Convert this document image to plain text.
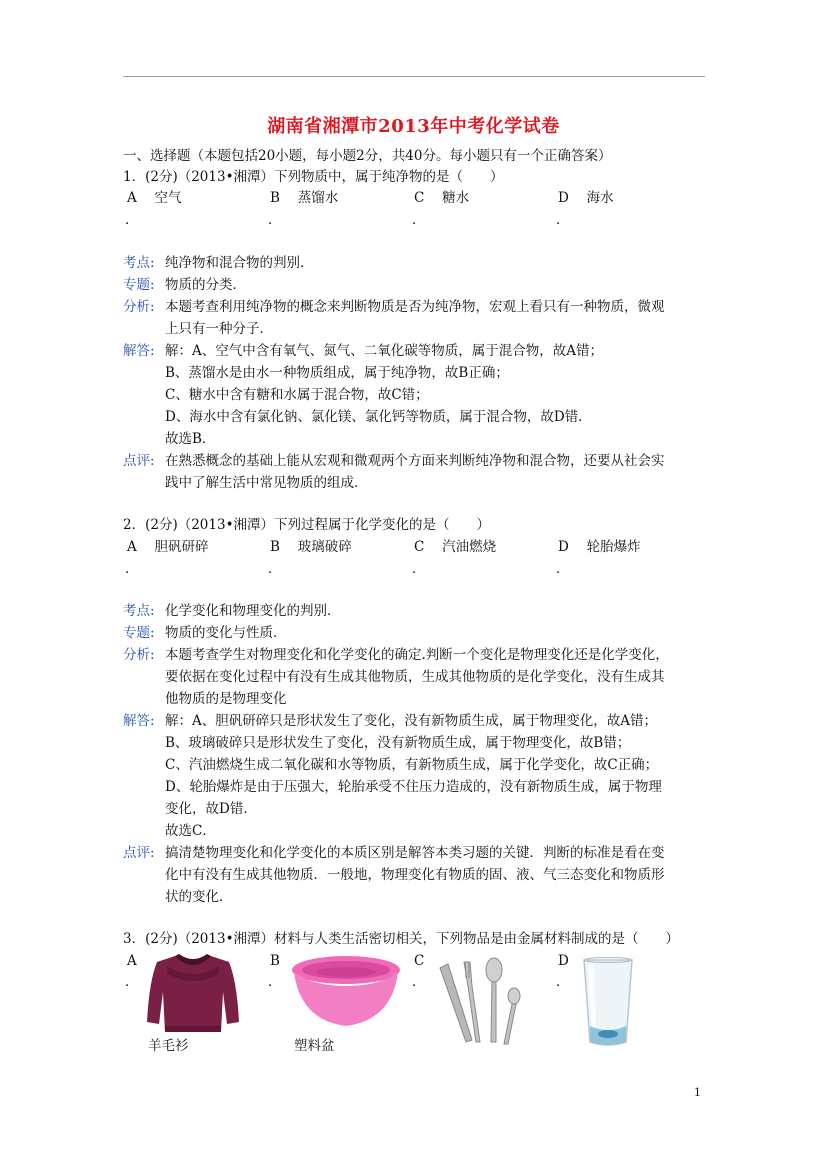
湖南省湘潭市2013年中考化学试卷
一、选择题（本题包括20小题，每小题2分，共40分。每小题只有一个正确答案）
1．(2分)（2013•湘潭）下列物质中，属于纯净物的是（　　）
A　 空气	B　 蒸馏水	C　 糖水	D　 海水
．	．	．	．
考点: 纯净物和混合物的判别．
专题: 物质的分类．
分析: 本题考查利用纯净物的概念来判断物质是否为纯净物，宏观上看只有一种物质，微观
上只有一种分子．
解答: 解：A、空气中含有氧气、氮气、二氧化碳等物质，属于混合物，故A错；
B、蒸馏水是由水一种物质组成，属于纯净物，故B正确；
C、糖水中含有糖和水属于混合物，故C错；
D、海水中含有氯化钠、氯化镁、氯化钙等物质，属于混合物，故D错．
故选B．
点评: 在熟悉概念的基础上能从宏观和微观两个方面来判断纯净物和混合物，还要从社会实
践中了解生活中常见物质的组成．
2．(2分)（2013•湘潭）下列过程属于化学变化的是（　　）
A　 胆矾研碎	B　 玻璃破碎	C　 汽油燃烧	D　 轮胎爆炸
．	．	．	．
考点: 化学变化和物理变化的判别．
专题: 物质的变化与性质．
分析: 本题考查学生对物理变化和化学变化的确定.判断一个变化是物理变化还是化学变化，
要依据在变化过程中有没有生成其他物质，生成其他物质的是化学变化，没有生成其
他物质的是物理变化
解答: 解：A、胆矾研碎只是形状发生了变化，没有新物质生成，属于物理变化，故A错；
B、玻璃破碎只是形状发生了变化，没有新物质生成，属于物理变化，故B错；
C、汽油燃烧生成二氧化碳和水等物质，有新物质生成，属于化学变化，故C正确；
D、轮胎爆炸是由于压强大，轮胎承受不住压力造成的，没有新物质生成，属于物理
变化，故D错．
故选C．
点评: 搞清楚物理变化和化学变化的本质区别是解答本类习题的关键．判断的标准是看在变
化中有没有生成其他物质．一般地，物理变化有物质的固、液、气三态变化和物质形
状的变化．
3．(2分)（2013•湘潭）材料与人类生活密切相关，下列物品是由金属材料制成的是（　　）
A	B	C	D
．	．	．	．
羊毛衫	塑料盆
1
